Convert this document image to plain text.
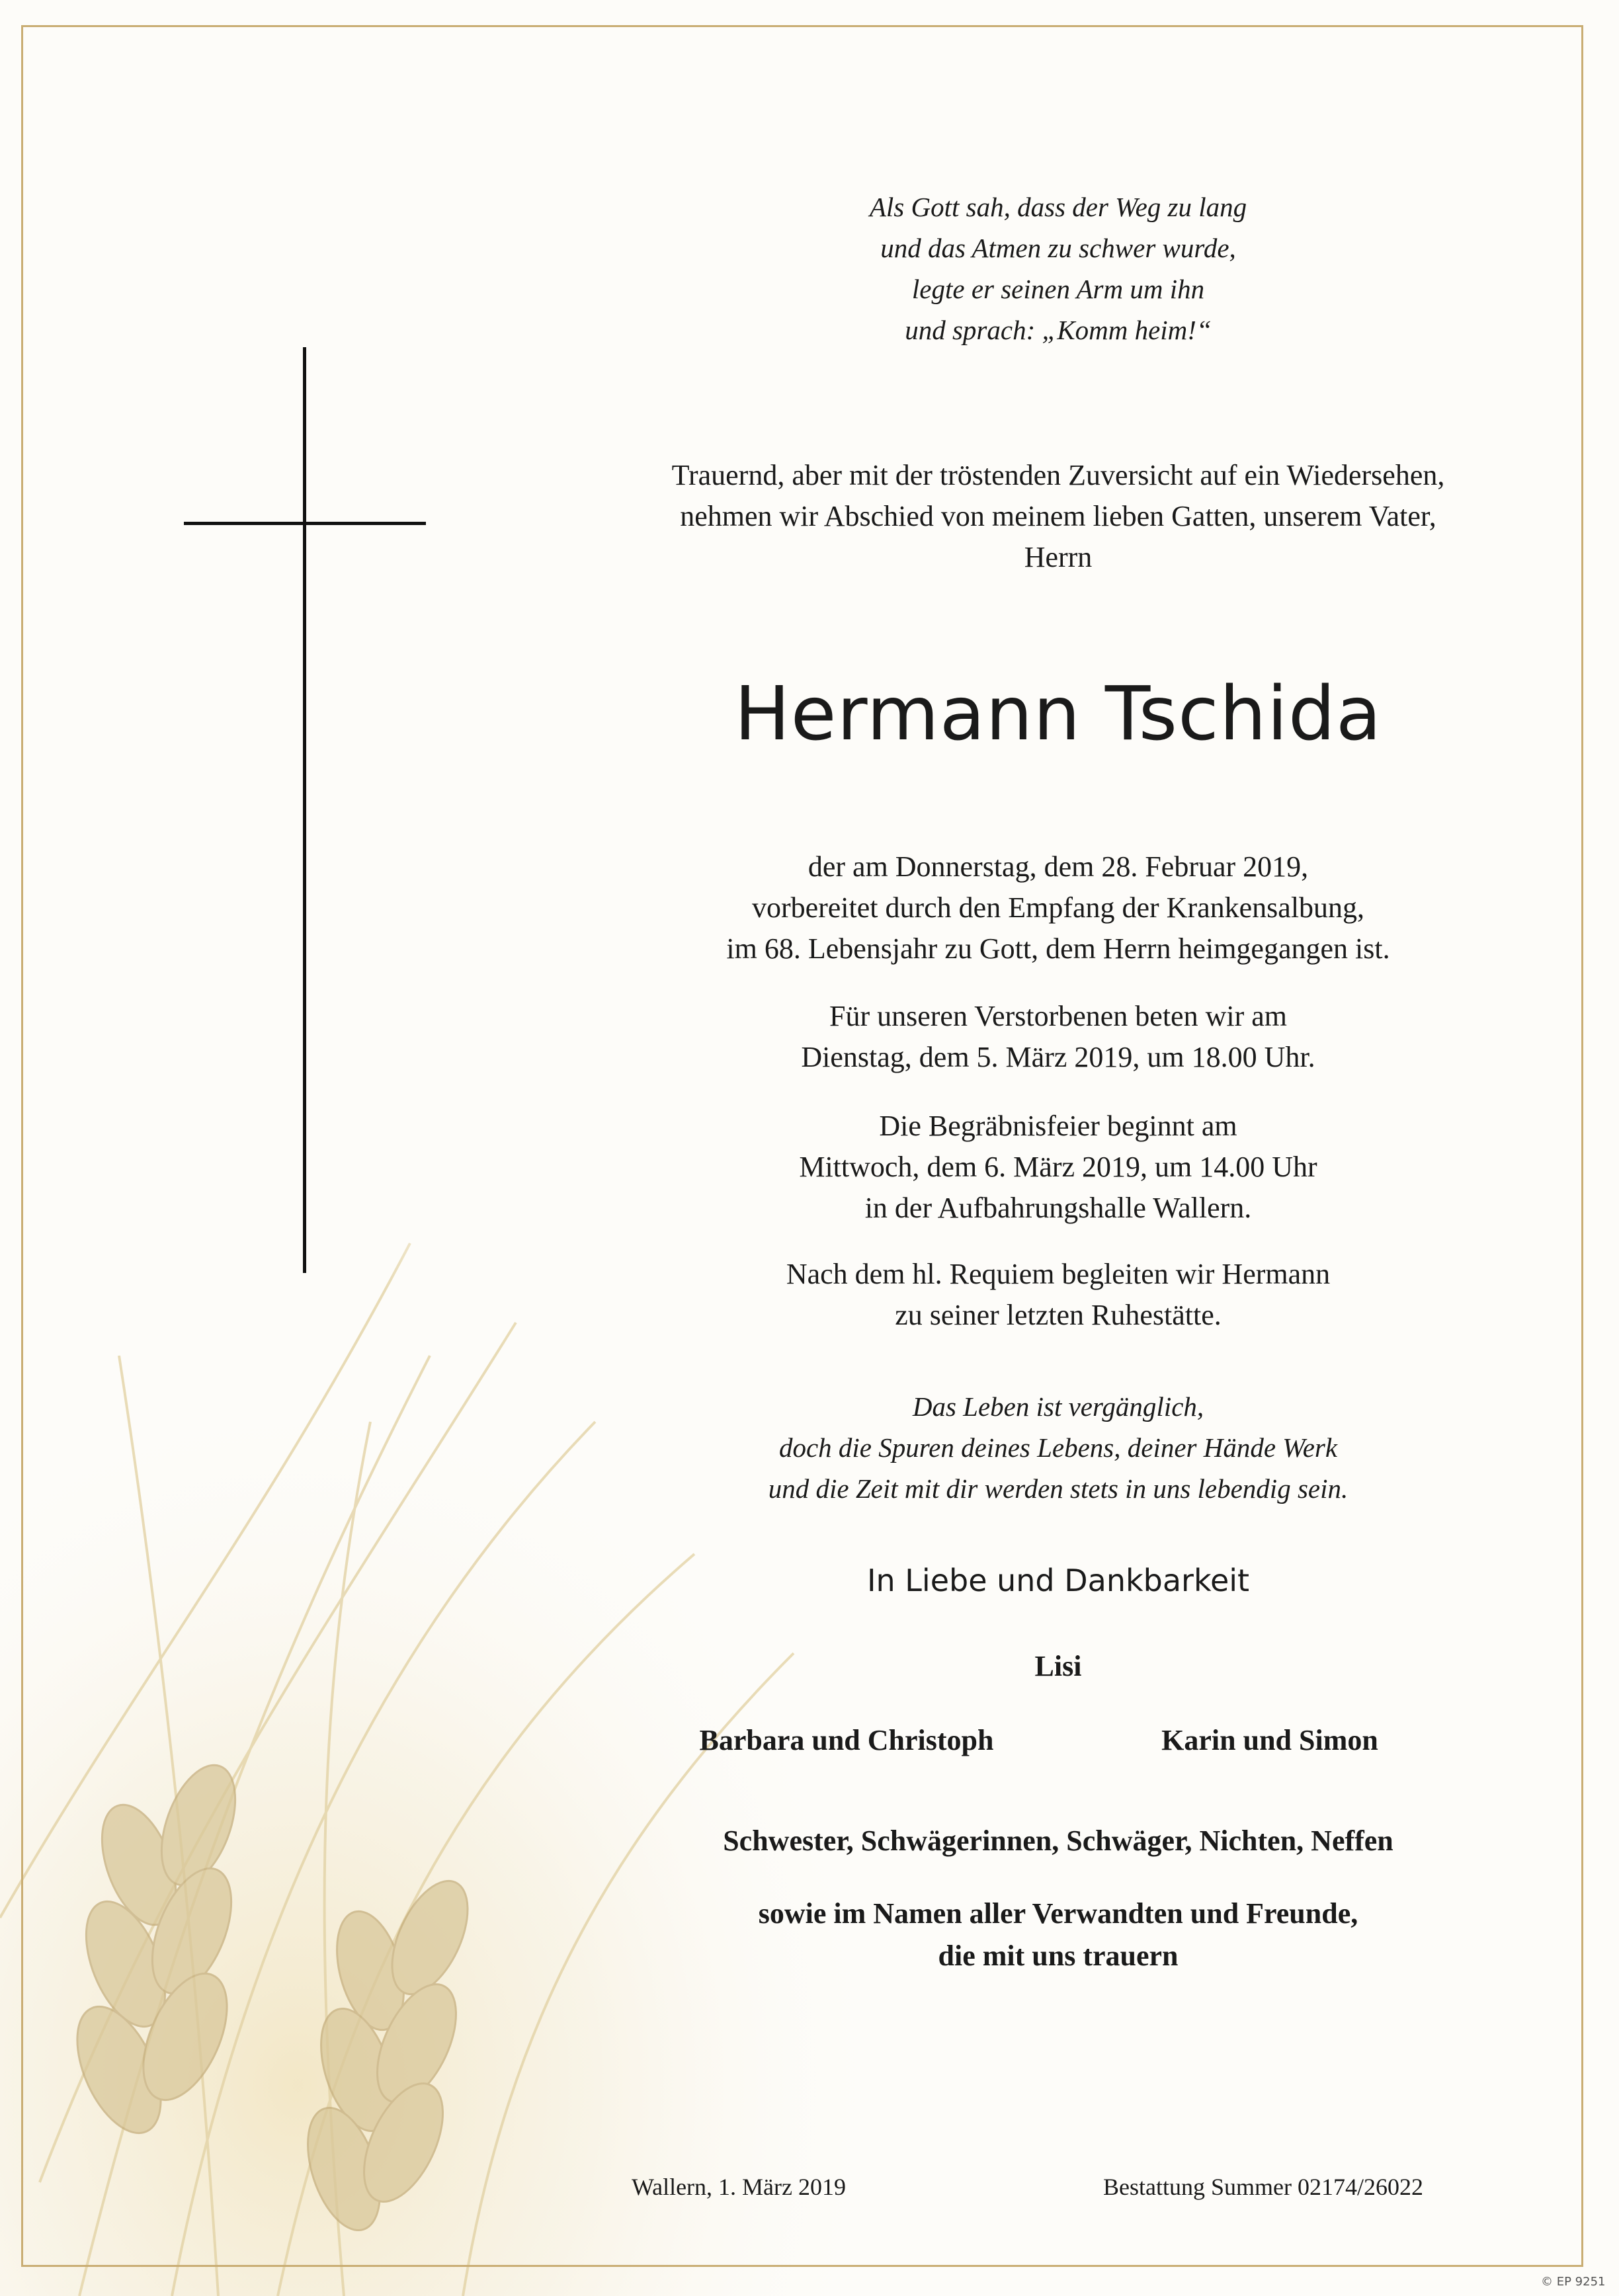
Als Gott sah, dass der Weg zu lang

und das Atmen zu schwer wurde,

legte er seinen Arm um ihn

und sprach: „Komm heim!“

Trauernd, aber mit der tröstenden Zuversicht auf ein Wiedersehen,

nehmen wir Abschied von meinem lieben Gatten, unserem Vater,

Herrn

Hermann Tschida

der am Donnerstag, dem 28. Februar 2019,

vorbereitet durch den Empfang der Krankensalbung,

im 68. Lebensjahr zu Gott, dem Herrn heimgegangen ist.

Für unseren Verstorbenen beten wir am

Dienstag, dem 5. März 2019, um 18.00 Uhr.

Die Begräbnisfeier beginnt am

Mittwoch, dem 6. März 2019, um 14.00 Uhr

in der Aufbahrungshalle Wallern.

Nach dem hl. Requiem begleiten wir Hermann

zu seiner letzten Ruhestätte.

Das Leben ist vergänglich,

doch die Spuren deines Lebens, deiner Hände Werk

und die Zeit mit dir werden stets in uns lebendig sein.

In Liebe und Dankbarkeit

Lisi

Barbara und Christoph	Karin und Simon

Schwester, Schwägerinnen, Schwäger, Nichten, Neffen

sowie im Namen aller Verwandten und Freunde,

die mit uns trauern

Wallern, 1. März 2019	Bestattung Summer 02174/26022
© EP 9251
